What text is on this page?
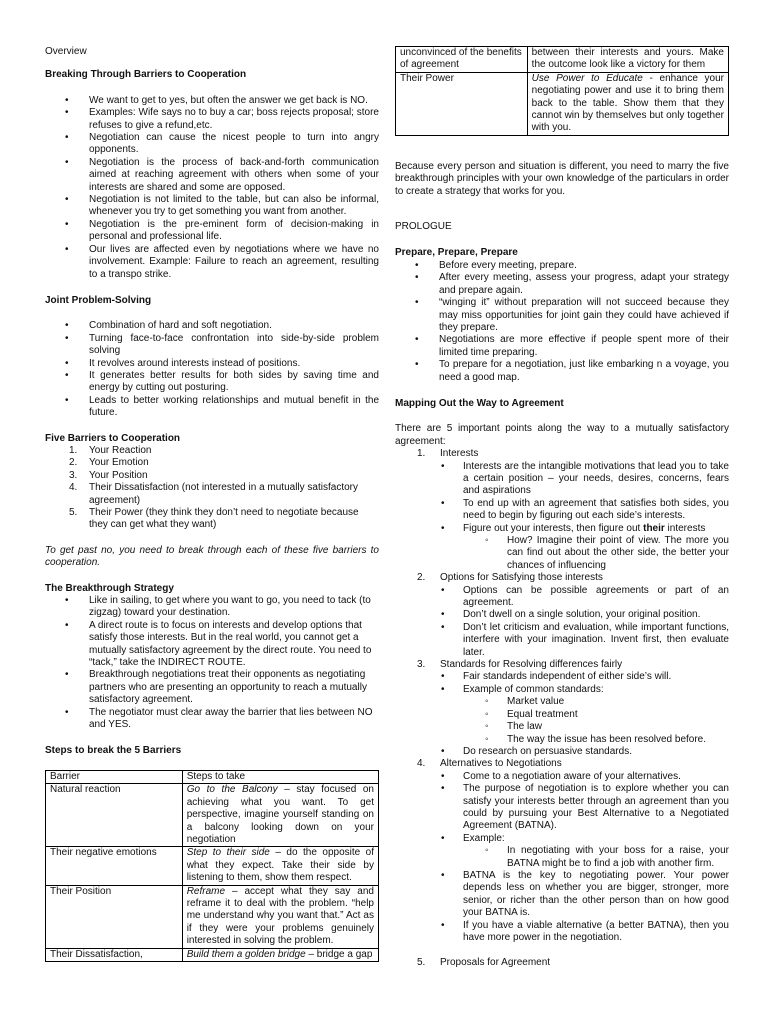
Overview

Breaking Through Barriers to Cooperation

• We want to get to yes, but often the answer we get back is NO.
• Examples: Wife says no to buy a car; boss rejects proposal; store refuses to give a refund,etc.
• Negotiation can cause the nicest people to turn into angry opponents.
• Negotiation is the process of back-and-forth communication aimed at reaching agreement with others when some of your interests are shared and some are opposed.
• Negotiation is not limited to the table, but can also be informal, whenever you try to get something you want from another.
• Negotiation is the pre-eminent form of decision-making in personal and professional life.
• Our lives are affected even by negotiations where we have no involvement. Example: Failure to reach an agreement, resulting to a transpo strike.

Joint Problem-Solving

• Combination of hard and soft negotiation.
• Turning face-to-face confrontation into side-by-side problem solving
• It revolves around interests instead of positions.
• It generates better results for both sides by saving time and energy by cutting out posturing.
• Leads to better working relationships and mutual benefit in the future.

Five Barriers to Cooperation

1. Your Reaction
2. Your Emotion
3. Your Position
4. Their Dissatisfaction (not interested in a mutually satisfactory agreement)
5. Their Power (they think they don’t need to negotiate because they can get what they want)

To get past no, you need to break through each of these five barriers to cooperation.

The Breakthrough Strategy

• Like in sailing, to get where you want to go, you need to tack (to zigzag) toward your destination.
• A direct route is to focus on interests and develop options that satisfy those interests. But in the real world, you cannot get a mutually satisfactory agreement by the direct route. You need to “tack,” take the INDIRECT ROUTE.
• Breakthrough negotiations treat their opponents as negotiating partners who are presenting an opportunity to reach a mutually satisfactory agreement.
• The negotiator must clear away the barrier that lies between NO and YES.

Steps to break the 5 Barriers

Barrier	Steps to take
Natural reaction	Go to the Balcony – stay focused on achieving what you want. To get perspective, imagine yourself standing on a balcony looking down on your negotiation
Their negative emotions	Step to their side – do the opposite of what they expect. Take their side by listening to them, show them respect.
Their Position	Reframe – accept what they say and reframe it to deal with the problem. “help me understand why you want that.” Act as if they were your problems genuinely interested in solving the problem.
Their Dissatisfaction,	Build them a golden bridge – bridge a gap
unconvinced of the benefits of agreement	between their interests and yours. Make the outcome look like a victory for them
Their Power	Use Power to Educate - enhance your negotiating power and use it to bring them back to the table. Show them that they cannot win by themselves but only together with you.

Because every person and situation is different, you need to marry the five breakthrough principles with your own knowledge of the particulars in order to create a strategy that works for you.

PROLOGUE

Prepare, Prepare, Prepare

• Before every meeting, prepare.
• After every meeting, assess your progress, adapt your strategy and prepare again.
• “winging it” without preparation will not succeed because they may miss opportunities for joint gain they could have achieved if they prepare.
• Negotiations are more effective if people spent more of their limited time preparing.
• To prepare for a negotiation, just like embarking n a voyage, you need a good map.

Mapping Out the Way to Agreement

There are 5 important points along the way to a mutually satisfactory agreement:

1. Interests
• Interests are the intangible motivations that lead you to take a certain position – your needs, desires, concerns, fears and aspirations
• To end up with an agreement that satisfies both sides, you need to begin by figuring out each side’s interests.
• Figure out your interests, then figure out their interests
◦ How? Imagine their point of view. The more you can find out about the other side, the better your chances of influencing
2. Options for Satisfying those interests
• Options can be possible agreements or part of an agreement.
• Don’t dwell on a single solution, your original position.
• Don’t let criticism and evaluation, while important functions, interfere with your imagination. Invent first, then evaluate later.
3. Standards for Resolving differences fairly
• Fair standards independent of either side’s will.
• Example of common standards:
◦ Market value
◦ Equal treatment
◦ The law
◦ The way the issue has been resolved before.
• Do research on persuasive standards.
4. Alternatives to Negotiations
• Come to a negotiation aware of your alternatives.
• The purpose of negotiation is to explore whether you can satisfy your interests better through an agreement than you could by pursuing your Best Alternative to a Negotiated Agreement (BATNA).
• Example:
◦ In negotiating with your boss for a raise, your BATNA might be to find a job with another firm.
• BATNA is the key to negotiating power. Your power depends less on whether you are bigger, stronger, more senior, or richer than the other person than on how good your BATNA is.
• If you have a viable alternative (a better BATNA), then you have more power in the negotiation.
5. Proposals for Agreement
